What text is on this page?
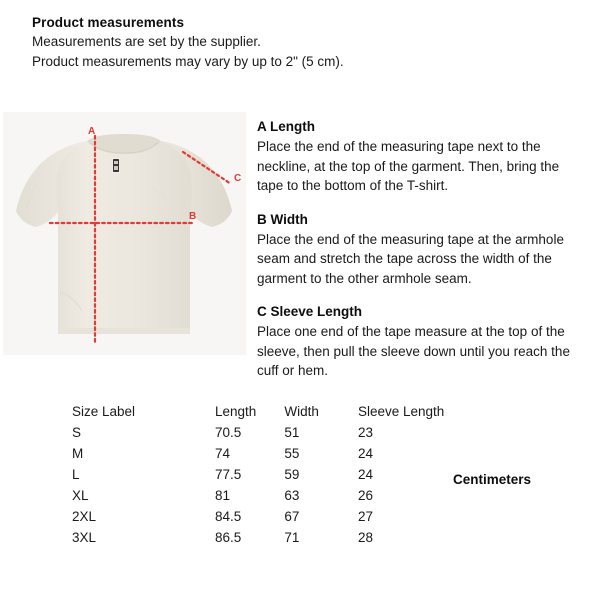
Product measurements
Measurements are set by the supplier.
Product measurements may vary by up to 2" (5 cm).
A
B
C
A Length
Place the end of the measuring tape next to the neckline, at the top of the garment. Then, bring the tape to the bottom of the T-shirt.
B Width
Place the end of the measuring tape at the armhole seam and stretch the tape across the width of the garment to the other armhole seam.
C Sleeve Length
Place one end of the tape measure at the top of the sleeve, then pull the sleeve down until you reach the cuff or hem.
Size Label	Length	Width	Sleeve Length
S	70.5	51	23
M	74	55	24
L	77.5	59	24
XL	81	63	26
2XL	84.5	67	27
3XL	86.5	71	28
Centimeters
